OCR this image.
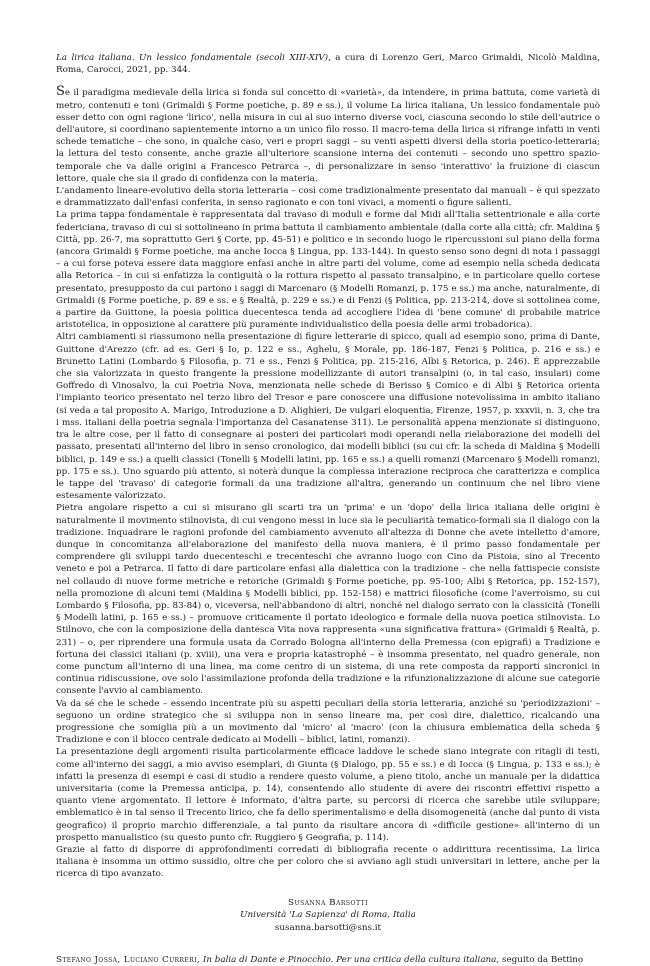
La lirica italiana. Un lessico fondamentale (secoli XIII-XIV), a cura di Lorenzo Geri, Marco Grimaldi, Nicolò Maldina, Roma, Carocci, 2021, pp. 344.

Se il paradigma medievale della lirica si fonda sul concetto di «varietà», da intendere, in prima battuta, come varietà di metro, contenuti e toni (Grimaldi § Forme poetiche, p. 89 e ss.), il volume La lirica italiana, Un lessico fondamentale può esser detto con ogni ragione 'lirico', nella misura in cui al suo interno diverse voci, ciascuna secondo lo stile dell'autrice o dell'autore, si coordinano sapientemente intorno a un unico filo rosso. Il macro-tema della lirica si rifrange infatti in venti schede tematiche – che sono, in qualche caso, veri e propri saggi – su venti aspetti diversi della storia poetico-letteraria; la lettura del testo consente, anche grazie all'ulteriore scansione interna dei contenuti – secondo uno spettro spazio-temporale che va dalle origini a Francesco Petrarca –, di personalizzare in senso 'interattivo' la fruizione di ciascun lettore, quale che sia il grado di confidenza con la materia.

L'andamento lineare-evolutivo della storia letteraria – così come tradizionalmente presentato dai manuali – è qui spezzato e drammatizzato dall'enfasi conferita, in senso ragionato e con toni vivaci, a momenti o figure salienti.

La prima tappa fondamentale è rappresentata dal travaso di moduli e forme dal Midi all'Italia settentrionale e alla corte federiciana, travaso di cui si sottolineano in prima battuta il cambiamento ambientale (dalla corte alla città; cfr. Maldina § Città, pp. 26-7, ma soprattutto Geri § Corte, pp. 45-51) e politico e in secondo luogo le ripercussioni sul piano della forma (ancora Grimaldi § Forme poetiche, ma anche Iocca § Lingua, pp. 133-144). In questo senso sono degni di nota i passaggi – a cui forse poteva essere data maggiore enfasi anche in altre parti del volume, come ad esempio nella scheda dedicata alla Retorica – in cui si enfatizza la contiguità o la rottura rispetto al passato transalpino, e in particolare quello cortese presentato, presupposto da cui partono i saggi di Marcenaro (§ Modelli Romanzi, p. 175 e ss.) ma anche, naturalmente, di Grimaldi (§ Forme poetiche, p. 89 e ss. e § Realtà, p. 229 e ss.) e di Fenzi (§ Politica, pp. 213-214, dove si sottolinea come, a partire da Guittone, la poesia politica duecentesca tenda ad accogliere l'idea di 'bene comune' di probabile matrice aristotelica, in opposizione al carattere più puramente individualistico della poesia delle armi trobadorica).

Altri cambiamenti si riassumono nella presentazione di figure letterarie di spicco, quali ad esempio sono, prima di Dante, Guittone d'Arezzo (cfr. ad es. Geri § Io, p. 122 e ss., Aghelu, § Morale, pp. 186-187, Fenzi § Politica, p. 216 e ss.) e Brunetto Latini (Lombardo § Filosofia, p. 71 e ss., Fenzi § Politica, pp. 215-216, Albi § Retorica, p. 246). È apprezzabile che sia valorizzata in questo frangente la pressione modellizzante di autori transalpini (o, in tal caso, insulari) come Goffredo di Vinosalvo, la cui Poetria Nova, menzionata nelle schede di Berisso § Comico e di Albi § Retorica orienta l'impianto teorico presentato nel terzo libro del Tresor e pare conoscere una diffusione notevolissima in ambito italiano (si veda a tal proposito A. Marigo, Introduzione a D. Alighieri, De vulgari eloquentia, Firenze, 1957, p. xxxvii, n. 3, che tra i mss. italiani della poetria segnala l'importanza del Casanatense 311). Le personalità appena menzionate si distinguono, tra le altre cose, per il fatto di consegnare ai posteri dei particolari modi operandi nella rielaborazione dei modelli del passato, presentati all'interno del libro in senso cronologico, dai modelli biblici (su cui cfr. la scheda di Maldina § Modelli biblici, p. 149 e ss.) a quelli classici (Tonelli § Modelli latini, pp. 165 e ss.) a quelli romanzi (Marcenaro § Modelli romanzi, pp. 175 e ss.). Uno sguardo più attento, si noterà dunque la complessa interazione reciproca che caratterizza e complica le tappe del 'travaso' di categorie formali da una tradizione all'altra, generando un continuum che nel libro viene estesamente valorizzato.

Pietra angolare rispetto a cui si misurano gli scarti tra un 'prima' e un 'dopo' della lirica italiana delle origini è naturalmente il movimento stilnovista, di cui vengono messi in luce sia le peculiarità tematico-formali sia il dialogo con la tradizione. Inquadrare le ragioni profonde del cambiamento avvenuto all'altezza di Donne che avete intelletto d'amore, dunque in concomitanza all'elaborazione del manifesto della nuova maniera, è il primo passo fondamentale per comprendere gli sviluppi tardo duecenteschi e trecenteschi che avranno luogo con Cino da Pistoia, sino al Trecento veneto e poi a Petrarca. Il fatto di dare particolare enfasi alla dialettica con la tradizione – che nella fattispecie consiste nel collaudo di nuove forme metriche e retoriche (Grimaldi § Forme poetiche, pp. 95-100; Albi § Retorica, pp. 152-157), nella promozione di alcuni temi (Maldina § Modelli biblici, pp. 152-158) e mattrici filosofiche (come l'averroismo, su cui Lombardo § Filosofia, pp. 83-84) o, viceversa, nell'abbandono di altri, nonché nel dialogo serrato con la classicità (Tonelli § Modelli latini, p. 165 e ss.) – promuove criticamente il portato ideologico e formale della nuova poetica stilnovista. Lo Stilnovo, che con la composizione della dantesca Vita nova rappresenta «una significativa frattura» (Grimaldi § Realtà, p. 231) – o, per riprendere una formula usata da Corrado Bologna all'interno della Premessa (con epigrafi) a Tradizione e fortuna dei classici italiani (p. xviii), una vera e propria katastrophé – è insomma presentato, nel quadro generale, non come punctum all'interno di una linea, ma come centro di un sistema, di una rete composta da rapporti sincronici in continua ridiscussione, ove solo l'assimilazione profonda della tradizione e la rifunzionalizzazione di alcune sue categorie consente l'avvio al cambiamento.

Va da sé che le schede – essendo incentrate più su aspetti peculiari della storia letteraria, anziché su 'periodizzazioni' – seguono un ordine strategico che si sviluppa non in senso lineare ma, per così dire, dialettico, ricalcando una progressione che somiglia più a un movimento dal 'micro' al 'macro' (con la chiusura emblematica della scheda § Tradizione e con il blocco centrale dedicato ai Modelli – biblici, latini, romanzi).

La presentazione degli argomenti risulta particolarmente efficace laddove le schede siano integrate con ritagli di testi, come all'interno dei saggi, a mio avviso esemplari, di Giunta (§ Dialogo, pp. 55 e ss.) e di Iocca (§ Lingua, p. 133 e ss.); è infatti la presenza di esempi e casi di studio a rendere questo volume, a pieno titolo, anche un manuale per la didattica universitaria (come la Premessa anticipa, p. 14), consentendo allo studente di avere dei riscontri effettivi rispetto a quanto viene argomentato. Il lettore è informato, d'altra parte, su percorsi di ricerca che sarebbe utile sviluppare; emblematico è in tal senso il Trecento lirico, che fa dello sperimentalismo e della disomogeneità (anche dal punto di vista geografico) il proprio marchio differenziale, a tal punto da risultare ancora di «difficile gestione» all'interno di un prospetto manualistico (su questo punto cfr. Ruggiero § Geografia, p. 114).

Grazie al fatto di disporre di approfondimenti corredati di bibliografia recente o addirittura recentissima, La lirica italiana è insomma un ottimo sussidio, oltre che per coloro che si avviano agli studi universitari in lettere, anche per la ricerca di tipo avanzato.

Susanna Barsotti
Università 'La Sapienza' di Roma, Italia
susanna.barsotti@sns.it
Stefano Jossa, Luciano Curreri, In balia di Dante e Pinocchio. Per una critica della cultura italiana, seguito da Bettino
